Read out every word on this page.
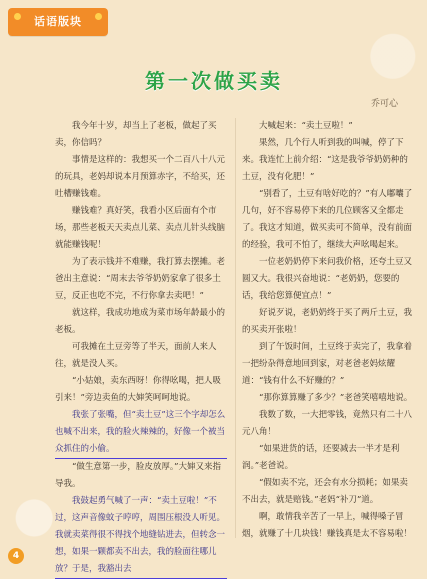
话语版块
第一次做买卖
乔可心

我今年十岁，却当上了老板，做起了买卖，你信吗？

事情是这样的：我想买一个二百八十八元的玩具，老妈却说本月预算赤字，不给买，还吐槽赚钱难。

赚钱难？真好笑，我看小区后面有个市场，那些老板天天卖点儿菜、卖点儿针头线脑就能赚钱呢！

为了表示钱并不难赚，我打算去摆摊。老爸出主意说：“周末去爷爷奶奶家拿了很多土豆，反正也吃不完，不行你拿去卖吧！”

就这样，我成功地成为菜市场年龄最小的老板。

可我摊在土豆旁等了半天，面前人来人往，就是没人买。

“小姑娘，卖东西呀！你得吆喝，把人吸引来！”旁边卖鱼的大婶笑呵呵地说。

我张了张嘴，但“卖土豆”这三个字却怎么也喊不出来，我的脸火辣辣的，好像一个被当众抓住的小偷。

“做生意第一步，脸皮放厚。”大婶又来指导我。

我鼓起勇气喊了一声：“卖土豆啦！”不过，这声音像蚊子哼哼，周围压根没人听见。我就卖菜得很不得找个地缝钻进去，但转念一想，如果一颗都卖不出去，我的脸面往哪儿放？于是，我豁出去

大喊起来：“卖土豆啦！”

果然，几个行人听到我的叫喊，停了下来。我连忙上前介绍：“这是我爷爷奶奶种的土豆，没有化肥！”

“别看了，土豆有啥好吃的？”有人嘟囔了几句，好不容易停下来的几位顾客又全都走了。我这才知道，做买卖可不简单，没有前面的经验，我可不怕了，继续大声吆喝起来。

一位老奶奶停下来问我价格，还夸土豆又圆又大。我很兴奋地说：“老奶奶，您要的话，我给您算便宜点！”

好说歹说，老奶奶终于买了两斤土豆，我的买卖开张啦！

到了午饭时间，土豆终于卖完了，我拿着一把纷杂得意地回到家，对老爸老妈炫耀道：“钱有什么不好赚的？”

“那你算算赚了多少？”老爸笑嘻嘻地说。

我数了数，一大把零钱，竟然只有二十八元八角！

“如果进货的话，还要减去一半才是利润。”老爸说。

“假如卖不完，还会有水分损耗；如果卖不出去，就是赔钱。”老妈“补刀”道。

啊，敢情我辛苦了一早上，喊得嗓子冒烟，就赚了十几块钱！赚钱真是太不容易啦！

4
